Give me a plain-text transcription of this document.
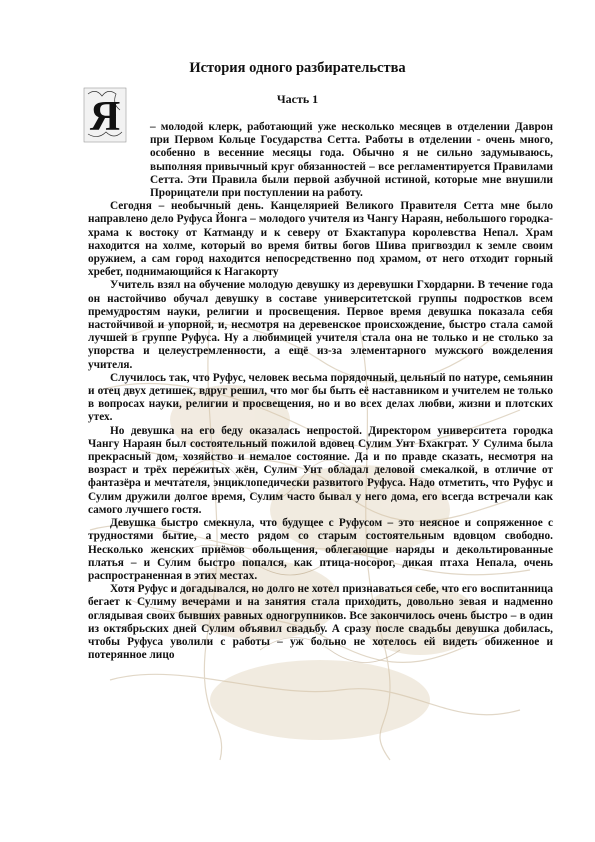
История одного разбирательства
Часть 1
Я	– молодой клерк, работающий уже несколько месяцев в отделении Даврон при Первом Кольце Государства Сетта. Работы в отделении - очень много, особенно в весенние месяцы года. Обычно я не сильно задумываюсь, выполняя привычный круг обязанностей – все регламентируется Правилами Сетта. Эти Правила были первой азбучной истиной, которые мне внушили Прорицатели при поступлении на работу.

Сегодня – необычный день. Канцелярией Великого Правителя Сетта мне было направлено дело Руфуса Йонга – молодого учителя из Чангу Нараян, небольшого городка-храма к востоку от Катманду и к северу от Бхактапура королевства Непал. Храм находится на холме, который во время битвы богов Шива пригвоздил к земле своим оружием, а сам город находится непосредственно под храмом, от него отходит горный хребет, поднимающийся к Нагакорту

Учитель взял на обучение молодую девушку из деревушки Гхордарни. В течение года он настойчиво обучал девушку в составе университетской группы подростков всем премудростям науки, религии и просвещения. Первое время девушка показала себя настойчивой и упорной, и, несмотря на деревенское происхождение, быстро стала самой лучшей в группе Руфуса. Ну а любимицей учителя стала она не только и не столько за упорства и целеустремленности, а ещё из-за элементарного мужского вожделения учителя.

Случилось так, что Руфус, человек весьма порядочный, цельный по натуре, семьянин и отец двух детишек, вдруг решил, что мог бы быть её наставником и учителем не только в вопросах науки, религии и просвещения, но и во всех делах любви, жизни и плотских утех.

Но девушка на его беду оказалась непростой. Директором университета городка Чангу Нараян был состоятельный пожилой вдовец Сулим Унт Бхакграт. У Сулима была прекрасный дом, хозяйство и немалое состояние. Да и по правде сказать, несмотря на возраст и трёх пережитых жён, Сулим Унт обладал деловой смекалкой, в отличие от фантазёра и мечтателя, энциклопедически развитого Руфуса. Надо отметить, что Руфус и Сулим дружили долгое время, Сулим часто бывал у него дома, его всегда встречали как самого лучшего гостя.

Девушка быстро смекнула, что будущее с Руфусом – это неясное и сопряженное с трудностями бытие, а место рядом со старым состоятельным вдовцом свободно. Несколько женских приёмов обольщения, облегающие наряды и декольтированные платья – и Сулим быстро попался, как птица-носорог, дикая птаха Непала, очень распространенная в этих местах.

Хотя Руфус и догадывался, но долго не хотел признаваться себе, что его воспитанница бегает к Сулиму вечерами и на занятия стала приходить, довольно зевая и надменно оглядывая своих бывших равных одногрупников. Все закончилось очень быстро – в один из октябрьских дней Сулим объявил свадьбу. А сразу после свадьбы девушка добилась, чтобы Руфуса уволили с работы – уж больно не хотелось ей видеть обиженное и потерянное лицо
